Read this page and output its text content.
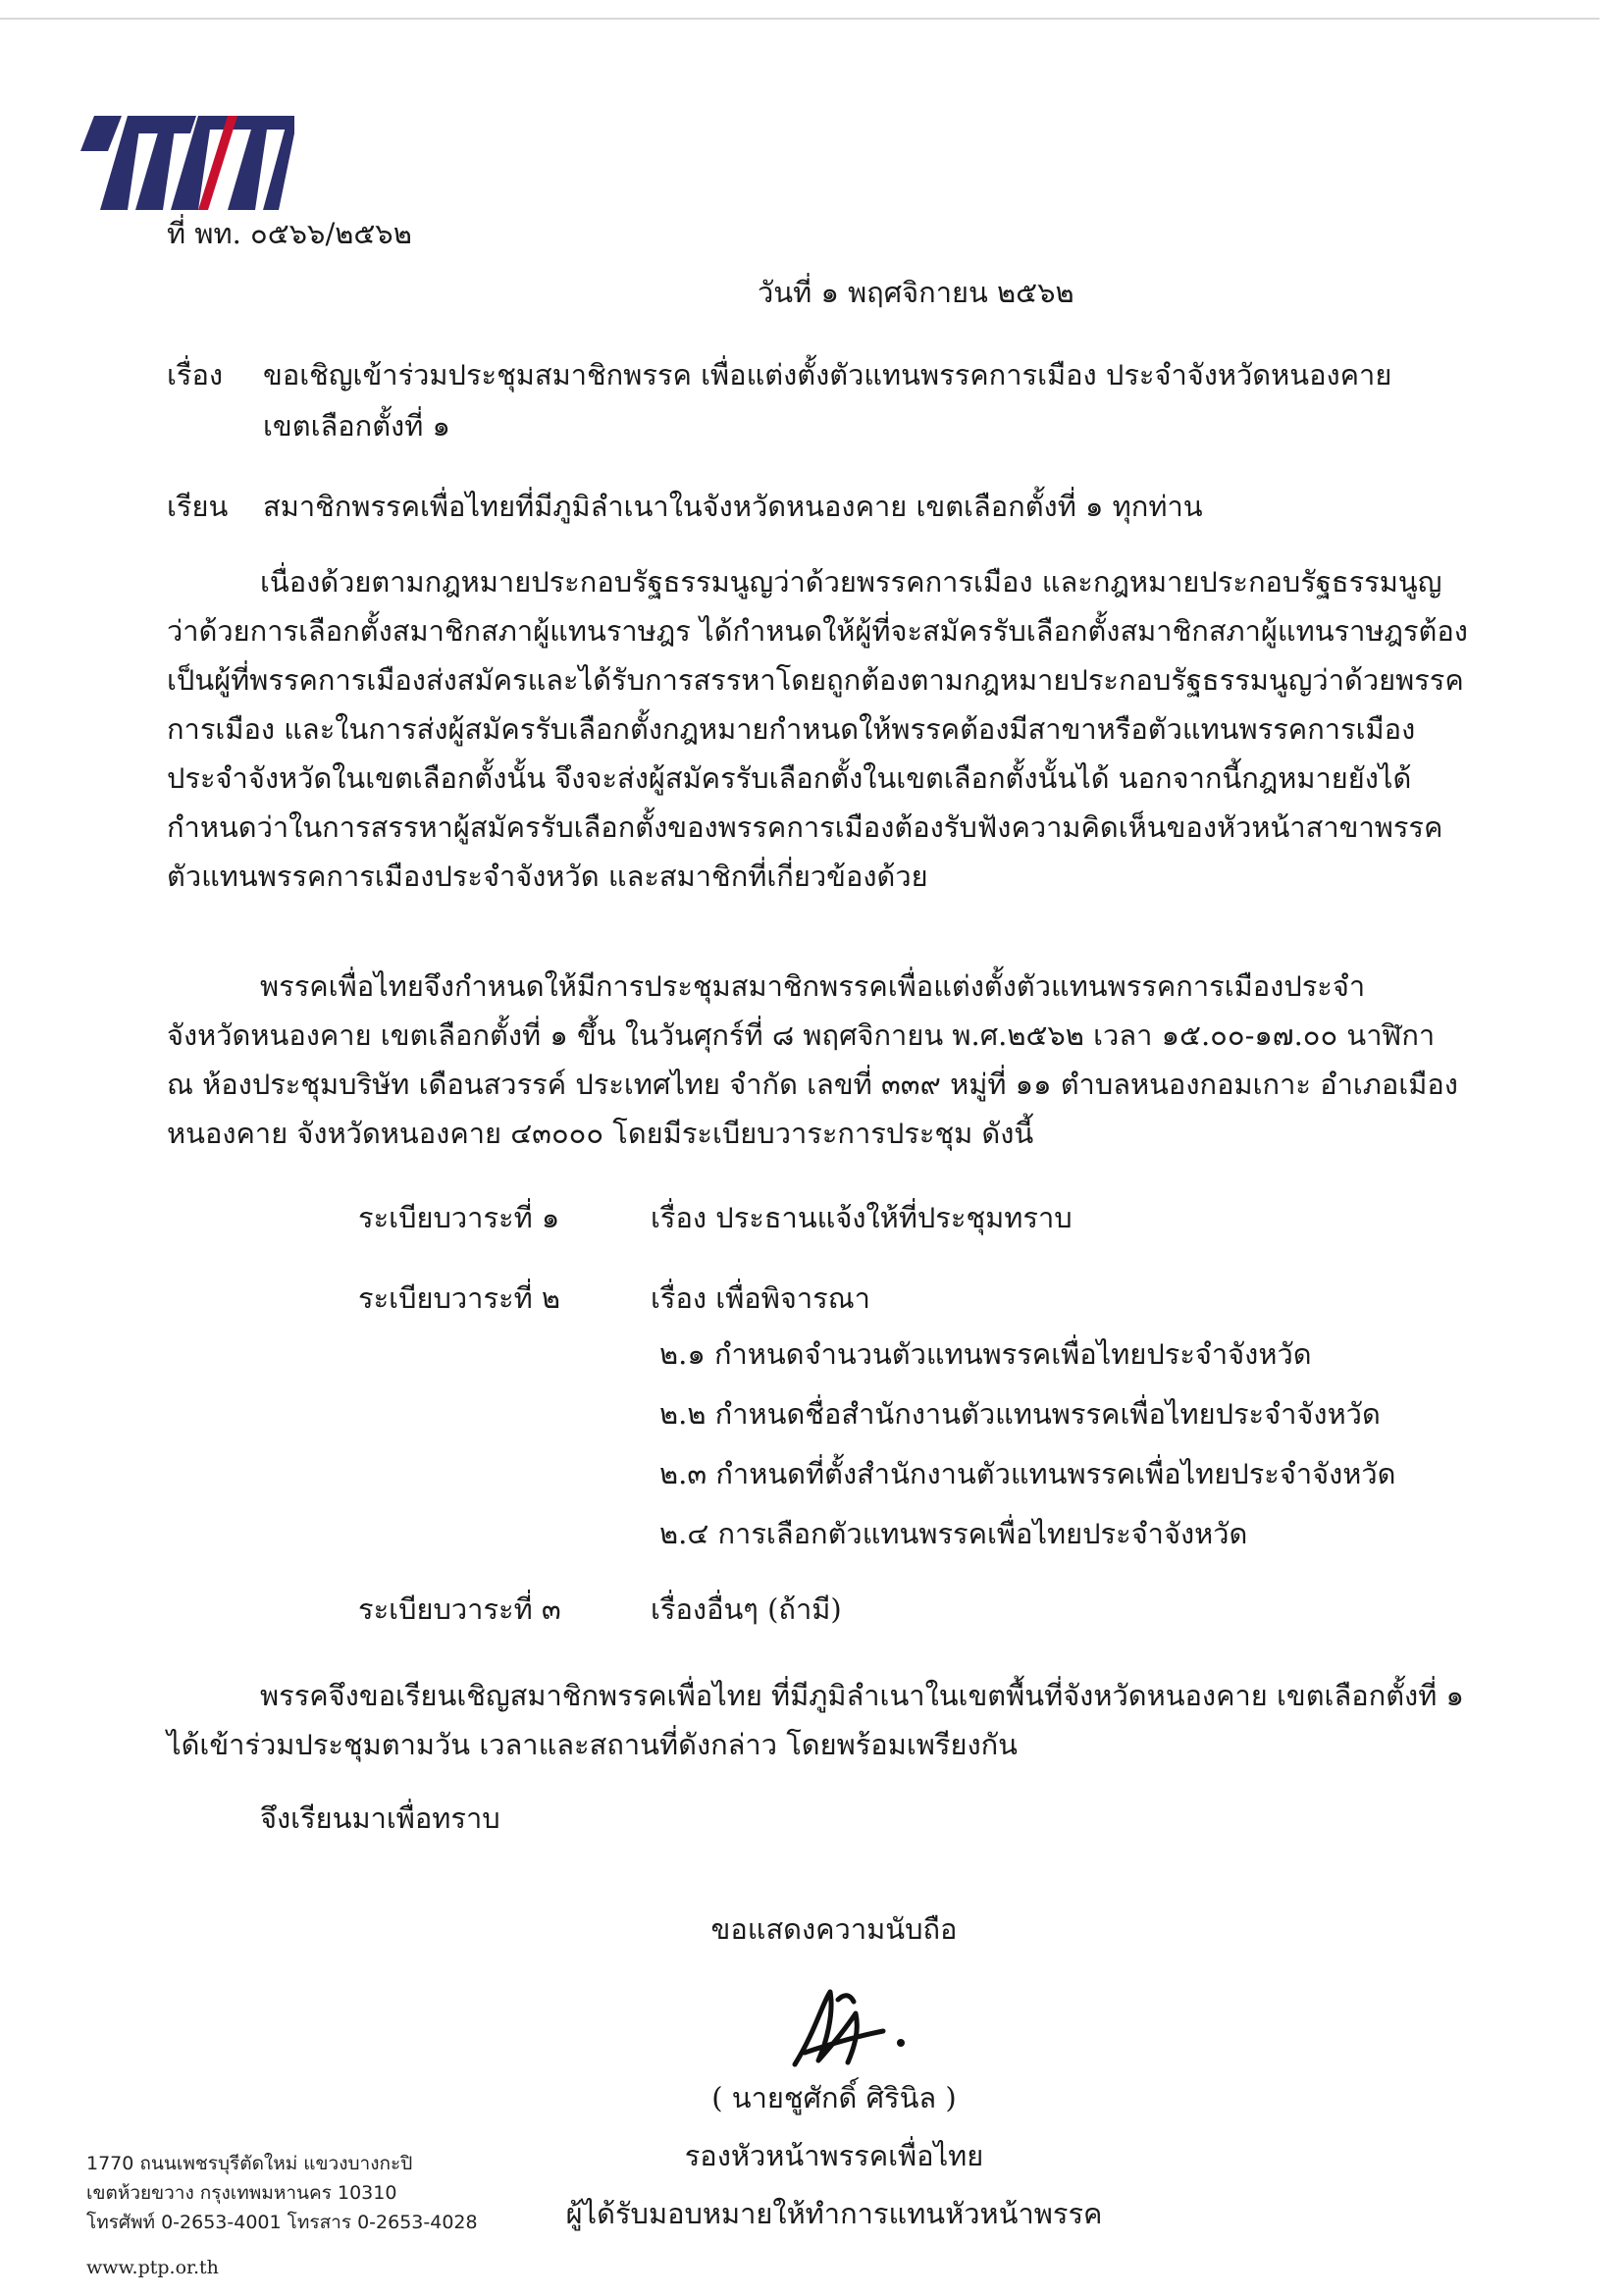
ที่ พท. ๐๕๖๖/๒๕๖๒
วันที่ ๑ พฤศจิกายน ๒๕๖๒
เรื่อง ขอเชิญเข้าร่วมประชุมสมาชิกพรรค เพื่อแต่งตั้งตัวแทนพรรคการเมือง ประจำจังหวัดหนองคาย
เขตเลือกตั้งที่ ๑
เรียน สมาชิกพรรคเพื่อไทยที่มีภูมิลำเนาในจังหวัดหนองคาย เขตเลือกตั้งที่ ๑ ทุกท่าน
เนื่องด้วยตามกฎหมายประกอบรัฐธรรมนูญว่าด้วยพรรคการเมือง และกฎหมายประกอบรัฐธรรมนูญ
ว่าด้วยการเลือกตั้งสมาชิกสภาผู้แทนราษฎร ได้กำหนดให้ผู้ที่จะสมัครรับเลือกตั้งสมาชิกสภาผู้แทนราษฎรต้อง
เป็นผู้ที่พรรคการเมืองส่งสมัครและได้รับการสรรหาโดยถูกต้องตามกฎหมายประกอบรัฐธรรมนูญว่าด้วยพรรค
การเมือง และในการส่งผู้สมัครรับเลือกตั้งกฎหมายกำหนดให้พรรคต้องมีสาขาหรือตัวแทนพรรคการเมือง
ประจำจังหวัดในเขตเลือกตั้งนั้น จึงจะส่งผู้สมัครรับเลือกตั้งในเขตเลือกตั้งนั้นได้ นอกจากนี้กฎหมายยังได้
กำหนดว่าในการสรรหาผู้สมัครรับเลือกตั้งของพรรคการเมืองต้องรับฟังความคิดเห็นของหัวหน้าสาขาพรรค
ตัวแทนพรรคการเมืองประจำจังหวัด และสมาชิกที่เกี่ยวข้องด้วย
พรรคเพื่อไทยจึงกำหนดให้มีการประชุมสมาชิกพรรคเพื่อแต่งตั้งตัวแทนพรรคการเมืองประจำ
จังหวัดหนองคาย เขตเลือกตั้งที่ ๑ ขึ้น ในวันศุกร์ที่ ๘ พฤศจิกายน พ.ศ.๒๕๖๒ เวลา ๑๕.๐๐-๑๗.๐๐ นาฬิกา
ณ ห้องประชุมบริษัท เดือนสวรรค์ ประเทศไทย จำกัด เลขที่ ๓๓๙ หมู่ที่ ๑๑ ตำบลหนองกอมเกาะ อำเภอเมือง
หนองคาย จังหวัดหนองคาย ๔๓๐๐๐ โดยมีระเบียบวาระการประชุม ดังนี้
ระเบียบวาระที่ ๑	เรื่อง ประธานแจ้งให้ที่ประชุมทราบ
ระเบียบวาระที่ ๒	เรื่อง เพื่อพิจารณา
๒.๑ กำหนดจำนวนตัวแทนพรรคเพื่อไทยประจำจังหวัด
๒.๒ กำหนดชื่อสำนักงานตัวแทนพรรคเพื่อไทยประจำจังหวัด
๒.๓ กำหนดที่ตั้งสำนักงานตัวแทนพรรคเพื่อไทยประจำจังหวัด
๒.๔ การเลือกตัวแทนพรรคเพื่อไทยประจำจังหวัด
ระเบียบวาระที่ ๓	เรื่องอื่นๆ (ถ้ามี)
พรรคจึงขอเรียนเชิญสมาชิกพรรคเพื่อไทย ที่มีภูมิลำเนาในเขตพื้นที่จังหวัดหนองคาย เขตเลือกตั้งที่ ๑
ได้เข้าร่วมประชุมตามวัน เวลาและสถานที่ดังกล่าว โดยพร้อมเพรียงกัน
จึงเรียนมาเพื่อทราบ
ขอแสดงความนับถือ
( นายชูศักดิ์ ศิรินิล )
รองหัวหน้าพรรคเพื่อไทย
ผู้ได้รับมอบหมายให้ทำการแทนหัวหน้าพรรค
1770 ถนนเพชรบุรีตัดใหม่ แขวงบางกะปิ
เขตห้วยขวาง กรุงเทพมหานคร 10310
โทรศัพท์ 0-2653-4001 โทรสาร 0-2653-4028
www.ptp.or.th
